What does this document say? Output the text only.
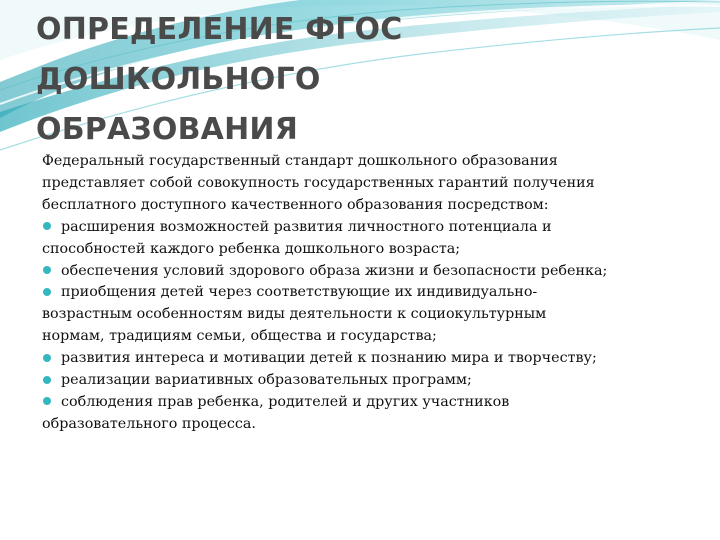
ОПРЕДЕЛЕНИЕ ФГОС
ДОШКОЛЬНОГО
ОБРАЗОВАНИЯ

Федеральный государственный стандарт дошкольного образования
представляет собой совокупность государственных гарантий получения
бесплатного доступного качественного образования посредством:

расширения возможностей развития личностного потенциала и
способностей каждого ребенка дошкольного возраста;
обеспечения условий здорового образа жизни и безопасности ребенка;
приобщения детей через соответствующие их индивидуально-
возрастным особенностям виды деятельности к социокультурным
нормам, традициям семьи, общества и государства;
развития интереса и мотивации детей к познанию мира и творчеству;
реализации вариативных образовательных программ;
соблюдения прав ребенка, родителей и других участников
образовательного процесса.
